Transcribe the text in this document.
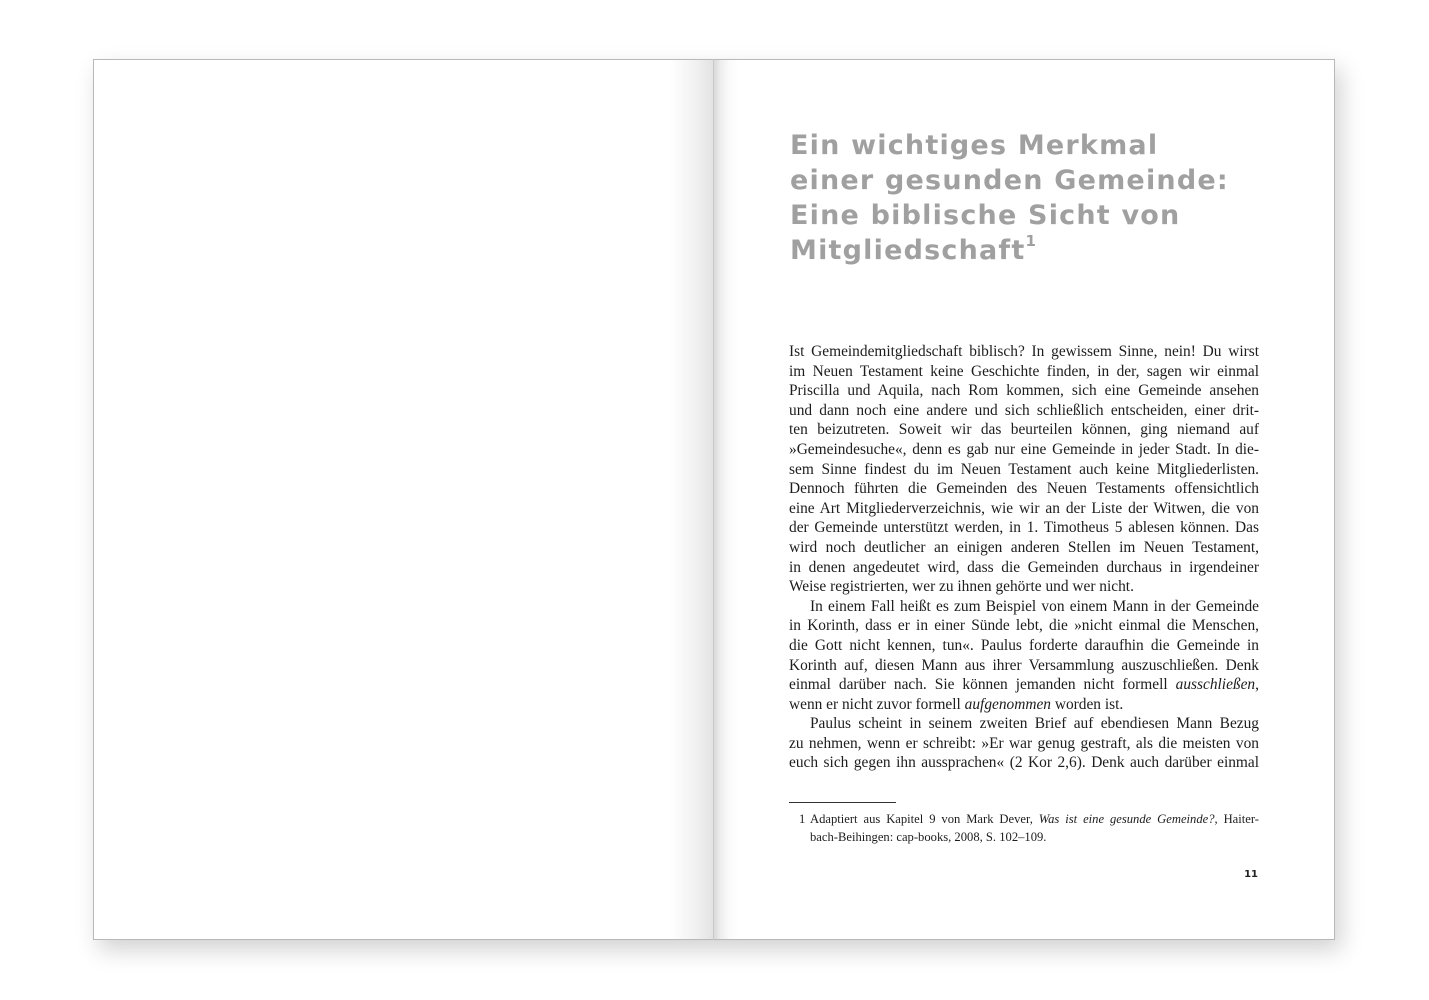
Ein wichtiges Merkmal
einer gesunden Gemeinde:
Eine biblische Sicht von
Mitgliedschaft$^1$
Ist Gemeindemitgliedschaft biblisch? In gewissem Sinne, nein! Du wirst
im Neuen Testament keine Geschichte finden, in der, sagen wir einmal
Priscilla und Aquila, nach Rom kommen, sich eine Gemeinde ansehen
und dann noch eine andere und sich schließlich entscheiden, einer drit-
ten beizutreten. Soweit wir das beurteilen können, ging niemand auf
»Gemeindesuche«, denn es gab nur eine Gemeinde in jeder Stadt. In die-
sem Sinne findest du im Neuen Testament auch keine Mitgliederlisten.
Dennoch führten die Gemeinden des Neuen Testaments offensichtlich
eine Art Mitgliederverzeichnis, wie wir an der Liste der Witwen, die von
der Gemeinde unterstützt werden, in 1. Timotheus 5 ablesen können. Das
wird noch deutlicher an einigen anderen Stellen im Neuen Testament,
in denen angedeutet wird, dass die Gemeinden durchaus in irgendeiner
Weise registrierten, wer zu ihnen gehörte und wer nicht.
In einem Fall heißt es zum Beispiel von einem Mann in der Gemeinde
in Korinth, dass er in einer Sünde lebt, die »nicht einmal die Menschen,
die Gott nicht kennen, tun«. Paulus forderte daraufhin die Gemeinde in
Korinth auf, diesen Mann aus ihrer Versammlung auszuschließen. Denk
einmal darüber nach. Sie können jemanden nicht formell ausschließen,
wenn er nicht zuvor formell aufgenommen worden ist.
Paulus scheint in seinem zweiten Brief auf ebendiesen Mann Bezug
zu nehmen, wenn er schreibt: »Er war genug gestraft, als die meisten von
euch sich gegen ihn aussprachen« (2 Kor 2,6). Denk auch darüber einmal
1 Adaptiert aus Kapitel 9 von Mark Dever, Was ist eine gesunde Gemeinde?, Haiter-
bach-Beihingen: cap-books, 2008, S. 102–109.
11
